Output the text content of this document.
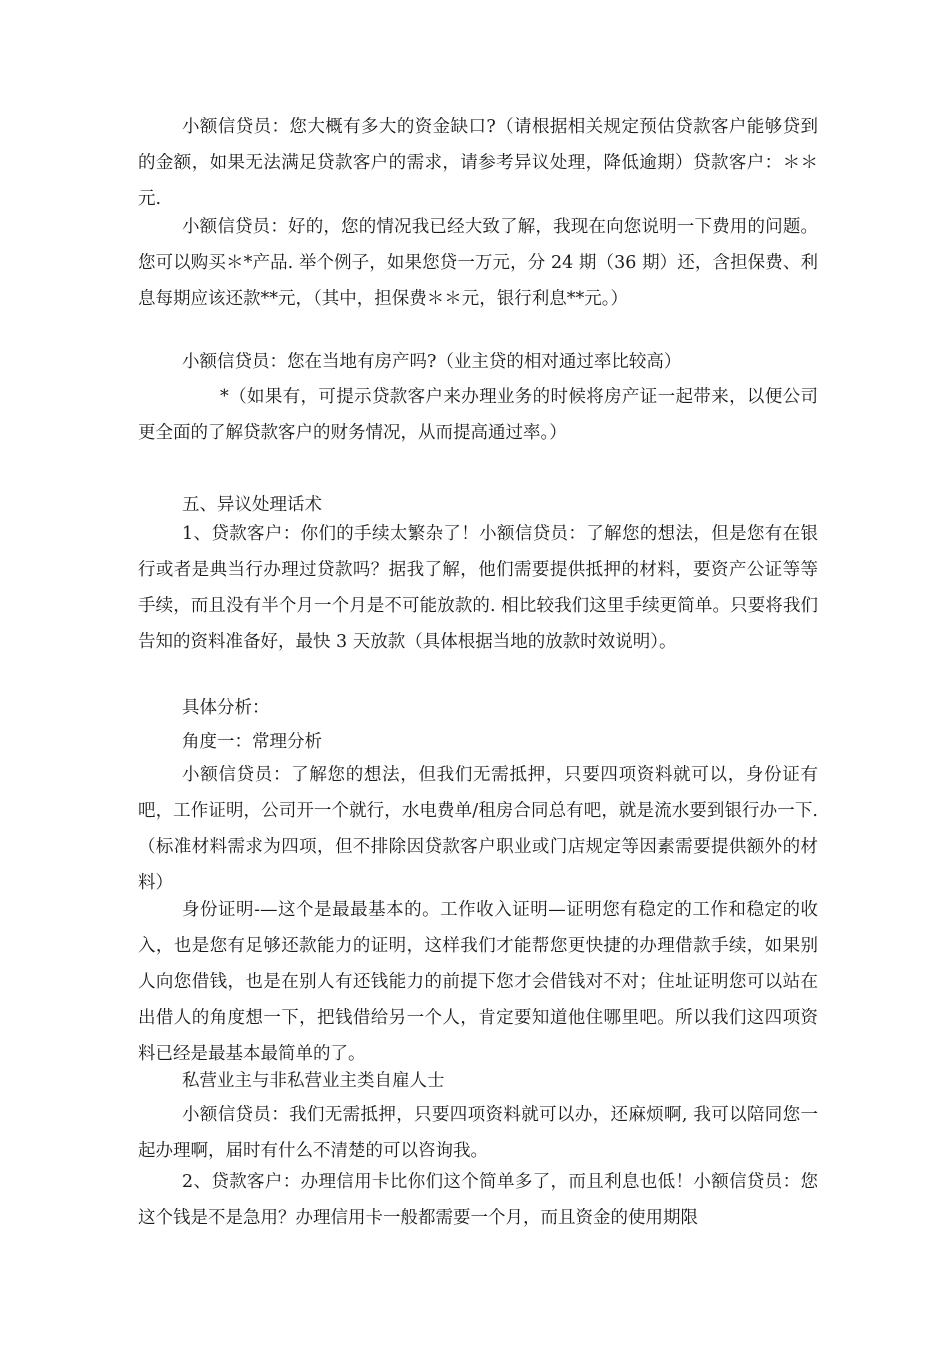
小额信贷员：您大概有多大的资金缺口?（请根据相关规定预估贷款客户能够贷到的金额，如果无法满足贷款客户的需求，请参考异议处理，降低逾期）贷款客户：＊＊元.

小额信贷员：好的，您的情况我已经大致了解，我现在向您说明一下费用的问题。您可以购买＊*产品. 举个例子，如果您贷一万元，分 24 期（36 期）还，含担保费、利息每期应该还款**元，（其中，担保费＊＊元，银行利息**元。）

小额信贷员：您在当地有房产吗?（业主贷的相对通过率比较高）

*（如果有，可提示贷款客户来办理业务的时候将房产证一起带来，以便公司更全面的了解贷款客户的财务情况，从而提高通过率。）

五、异议处理话术

1、贷款客户：你们的手续太繁杂了！小额信贷员：了解您的想法，但是您有在银行或者是典当行办理过贷款吗？据我了解，他们需要提供抵押的材料，要资产公证等等手续，而且没有半个月一个月是不可能放款的. 相比较我们这里手续更简单。只要将我们告知的资料准备好，最快 3 天放款（具体根据当地的放款时效说明）。

具体分析：

角度一：常理分析

小额信贷员：了解您的想法，但我们无需抵押，只要四项资料就可以，身份证有吧，工作证明，公司开一个就行，水电费单/租房合同总有吧，就是流水要到银行办一下.（标准材料需求为四项，但不排除因贷款客户职业或门店规定等因素需要提供额外的材料）

身份证明-—这个是最最基本的。工作收入证明—证明您有稳定的工作和稳定的收入，也是您有足够还款能力的证明，这样我们才能帮您更快捷的办理借款手续，如果别人向您借钱，也是在别人有还钱能力的前提下您才会借钱对不对；住址证明您可以站在出借人的角度想一下，把钱借给另一个人，肯定要知道他住哪里吧。所以我们这四项资料已经是最基本最简单的了。

私营业主与非私营业主类自雇人士

小额信贷员：我们无需抵押，只要四项资料就可以办，还麻烦啊, 我可以陪同您一起办理啊，届时有什么不清楚的可以咨询我。

2、贷款客户：办理信用卡比你们这个简单多了，而且利息也低！小额信贷员：您这个钱是不是急用？办理信用卡一般都需要一个月，而且资金的使用期限
